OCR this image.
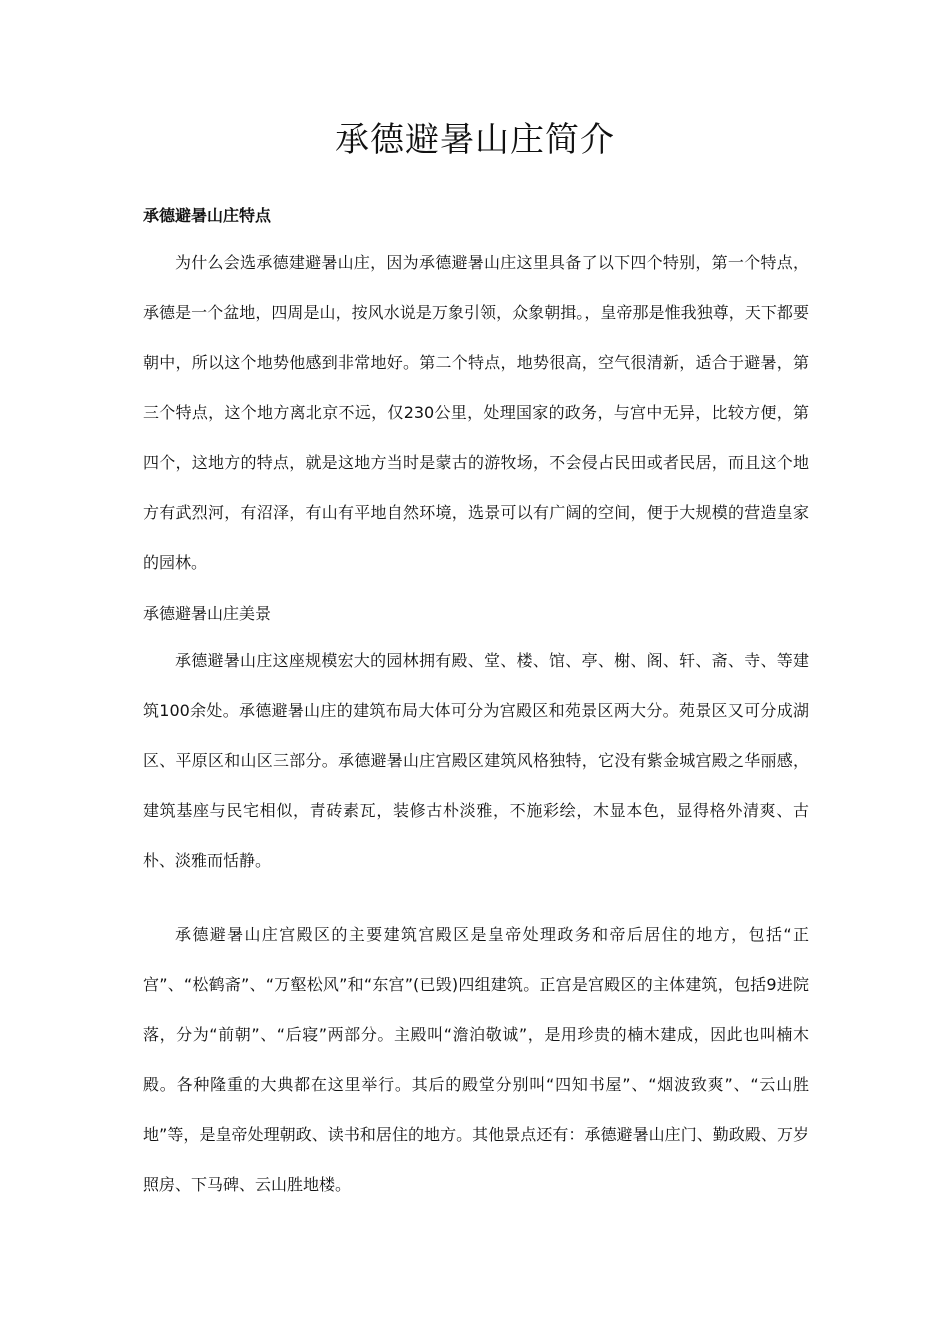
承德避暑山庄简介
承德避暑山庄特点

为什么会选承德建避暑山庄，因为承德避暑山庄这里具备了以下四个特别，第一个特点，承德是一个盆地，四周是山，按风水说是万象引领，众象朝揖。，皇帝那是惟我独尊，天下都要朝中，所以这个地势他感到非常地好。第二个特点，地势很高，空气很清新，适合于避暑，第三个特点，这个地方离北京不远，仅230公里，处理国家的政务，与宫中无异，比较方便，第四个，这地方的特点，就是这地方当时是蒙古的游牧场，不会侵占民田或者民居，而且这个地方有武烈河，有沼泽，有山有平地自然环境，选景可以有广阔的空间，便于大规模的营造皇家的园林。

承德避暑山庄美景

承德避暑山庄这座规模宏大的园林拥有殿、堂、楼、馆、亭、榭、阁、轩、斋、寺、等建筑100余处。承德避暑山庄的建筑布局大体可分为宫殿区和苑景区两大分。苑景区又可分成湖区、平原区和山区三部分。承德避暑山庄宫殿区建筑风格独特，它没有紫金城宫殿之华丽感，建筑基座与民宅相似，青砖素瓦，装修古朴淡雅，不施彩绘，木显本色，显得格外清爽、古朴、淡雅而恬静。

承德避暑山庄宫殿区的主要建筑宫殿区是皇帝处理政务和帝后居住的地方，包括“正宫”、“松鹤斋”、“万壑松风”和“东宫”(已毁)四组建筑。正宫是宫殿区的主体建筑，包括9进院落，分为“前朝”、“后寝”两部分。主殿叫“澹泊敬诚”，是用珍贵的楠木建成，因此也叫楠木殿。各种隆重的大典都在这里举行。其后的殿堂分别叫“四知书屋”、“烟波致爽”、“云山胜地”等，是皇帝处理朝政、读书和居住的地方。其他景点还有：承德避暑山庄门、勤政殿、万岁照房、下马碑、云山胜地楼。
